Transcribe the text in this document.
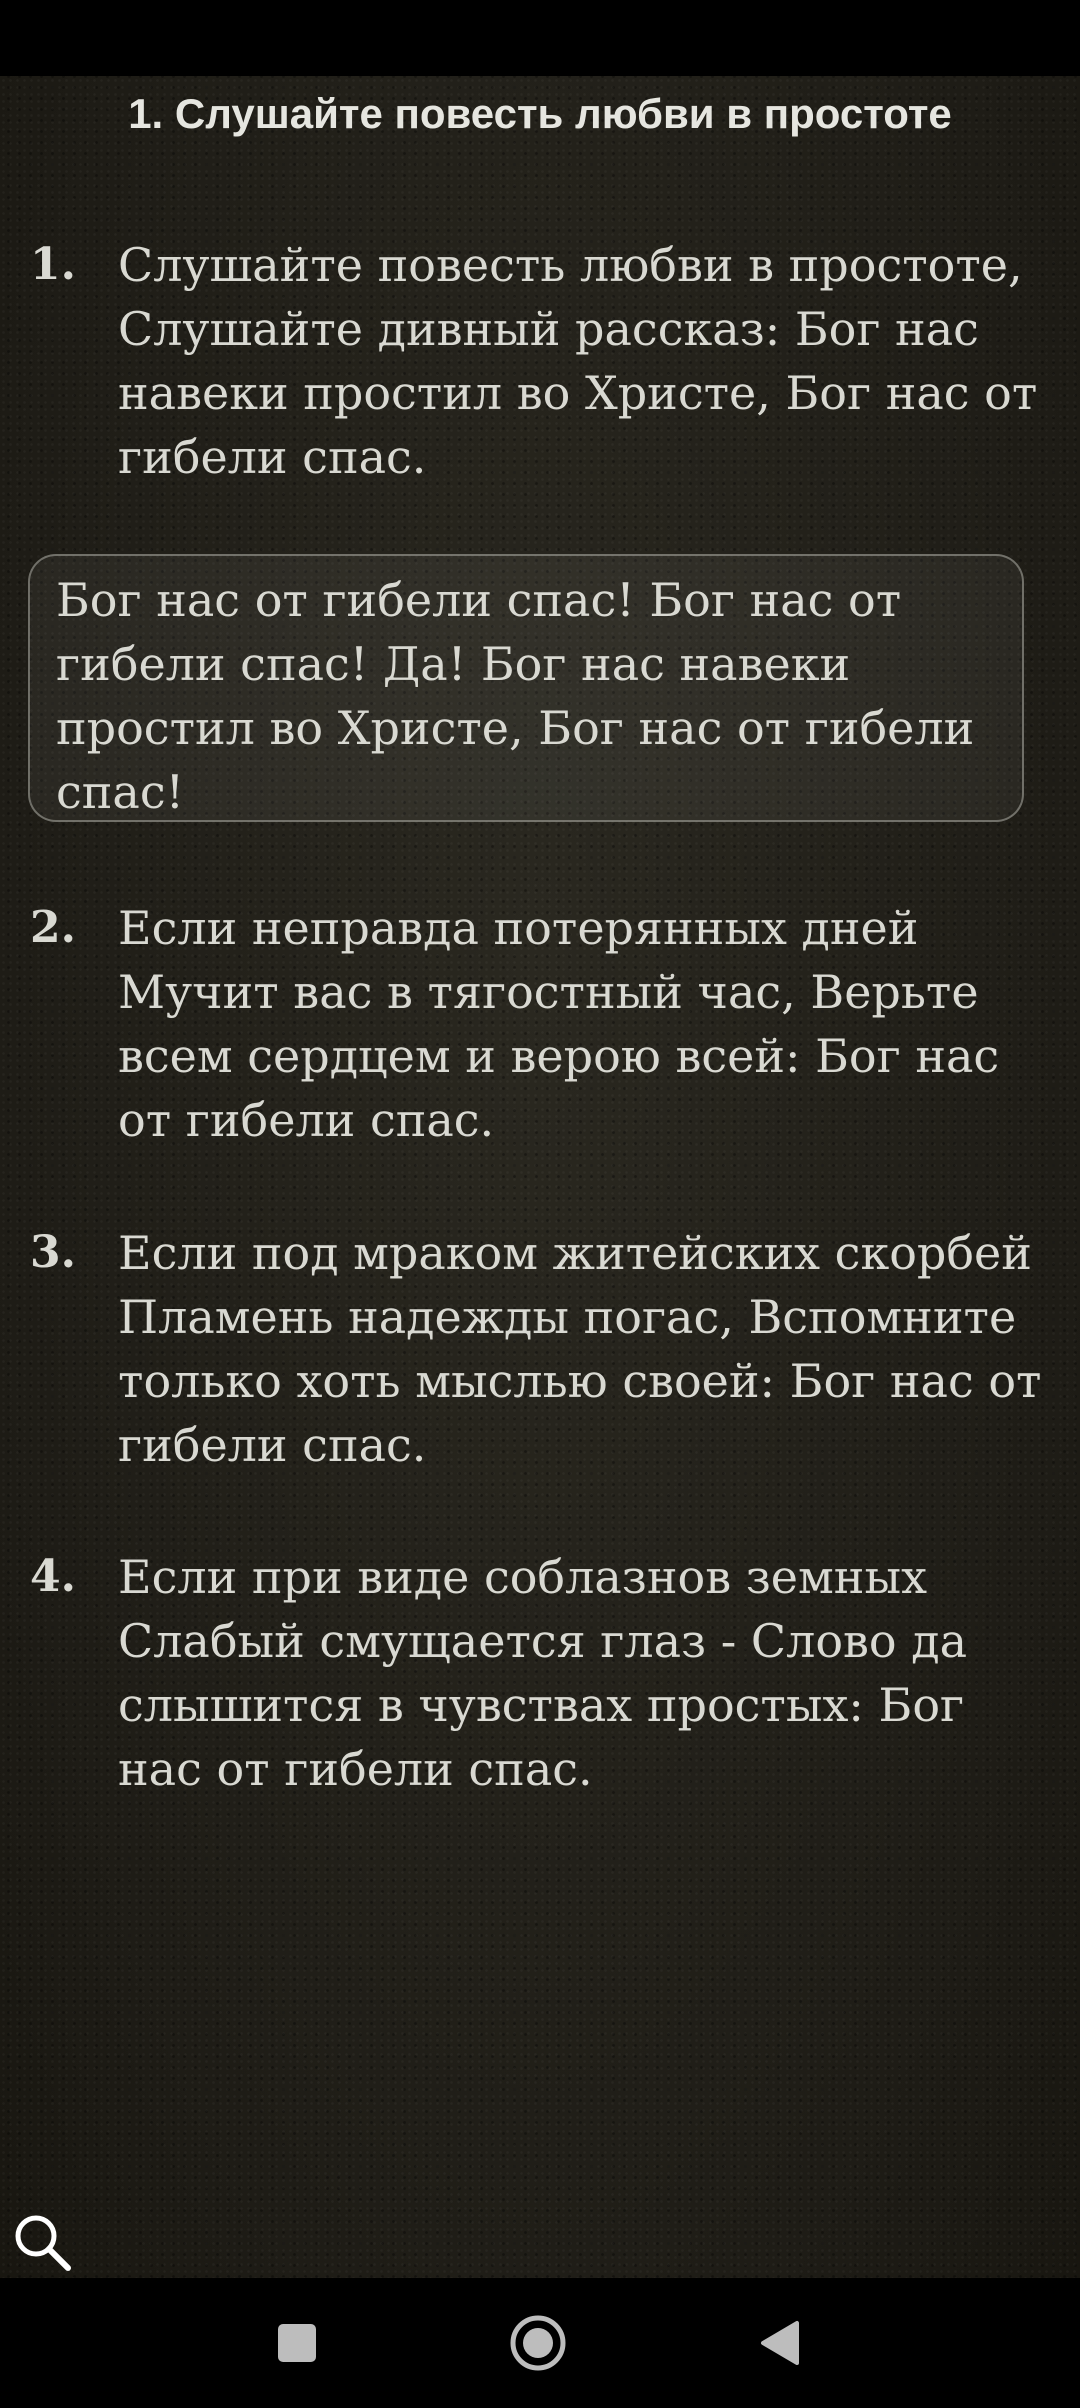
1. Слушайте повесть любви в простоте
1. Слушайте повесть любви в простоте, Слушайте дивный рассказ: Бог нас навеки простил во Христе, Бог нас от гибели спас.
Бог нас от гибели спас! Бог нас от гибели спас! Да! Бог нас навеки простил во Христе, Бог нас от гибели спас!
2. Если неправда потерянных дней Мучит вас в тягостный час, Верьте всем сердцем и верою всей: Бог нас от гибели спас.
3. Если под мраком житейских скорбей Пламень надежды погас, Вспомните только хоть мыслью своей: Бог нас от гибели спас.
4. Если при виде соблазнов земных Слабый смущается глаз - Слово да слышится в чувствах простых: Бог нас от гибели спас.
